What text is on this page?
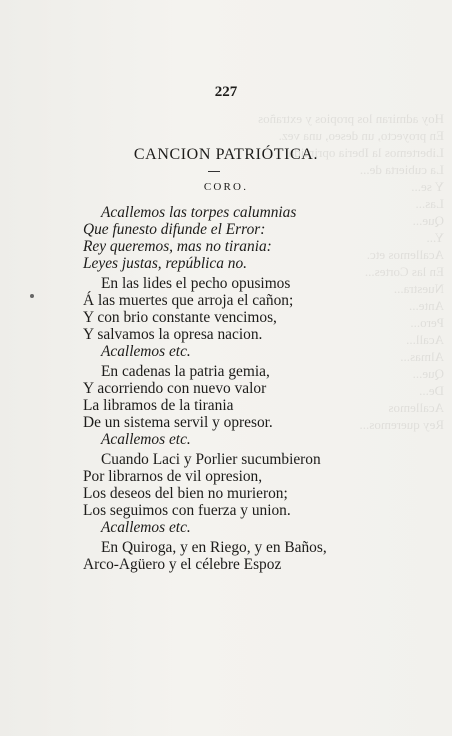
Hoy admiran los propios y extraños
En proyecto, un deseo, una vez.
Libertemos la Iberia oprimida
La cubierta de...
Y se...
Las...
Que...
Y...
Acallemos etc.
En las Cortes...
Nuestra...
Ante...
Pero...
Acall...
Almas...
Que...
De...
Acallemos
Rey queremos...
227
CANCION PATRIÓTICA.
CORO.
Acallemos las torpes calumnias
Que funesto difunde el Error:
Rey queremos, mas no tirania:
Leyes justas, república no.
En las lides el pecho opusimos
Á las muertes que arroja el cañon;
Y con brio constante vencimos,
Y salvamos la opresa nacion.
Acallemos etc.
En cadenas la patria gemia,
Y acorriendo con nuevo valor
La libramos de la tirania
De un sistema servil y opresor.
Acallemos etc.
Cuando Laci y Porlier sucumbieron
Por librarnos de vil opresion,
Los deseos del bien no murieron;
Los seguimos con fuerza y union.
Acallemos etc.
En Quiroga, y en Riego, y en Baños,
Arco-Agüero y el célebre Espoz
